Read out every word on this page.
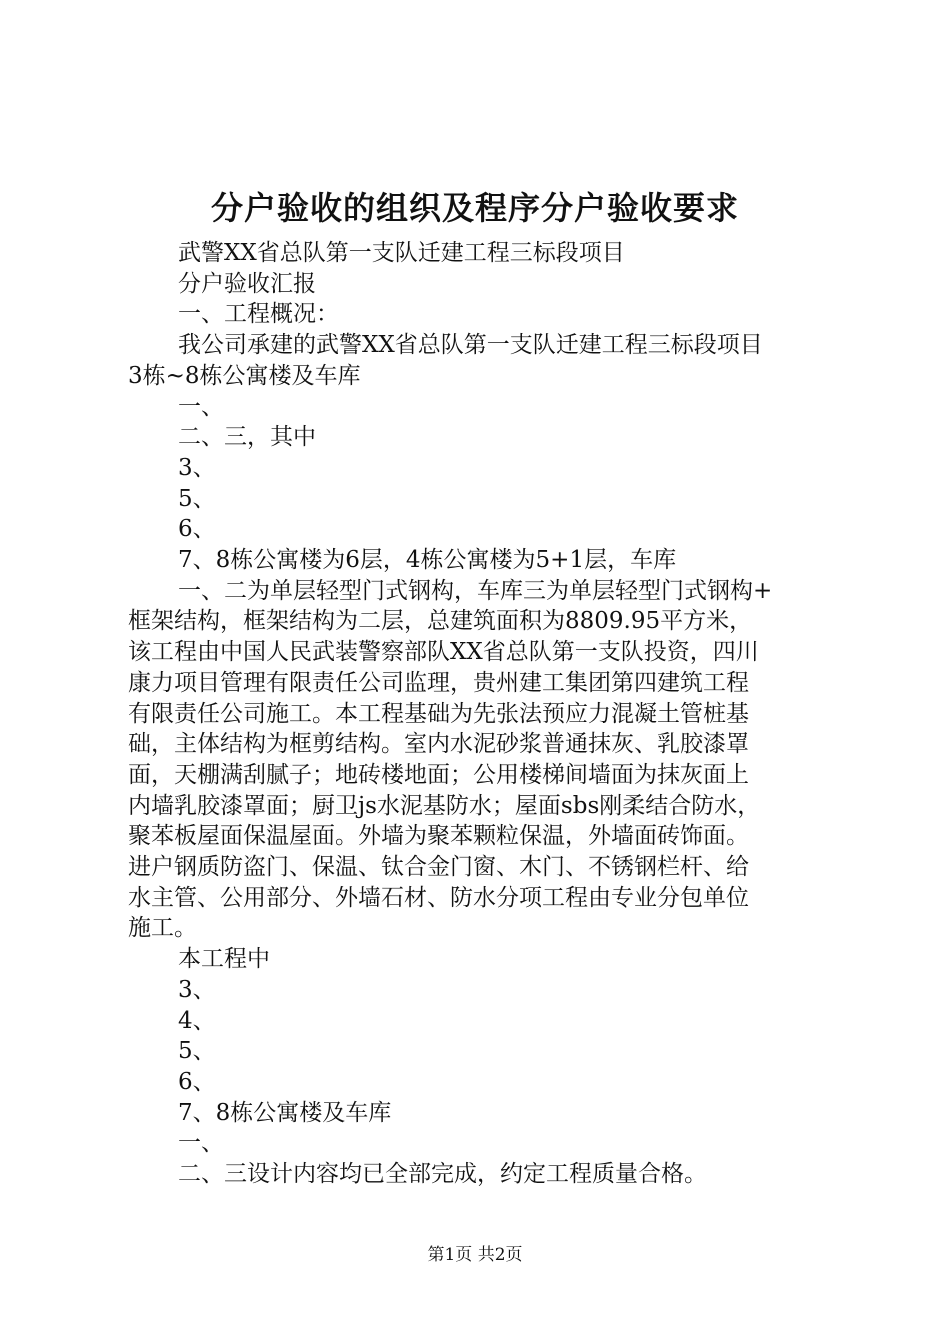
分户验收的组织及程序分户验收要求

武警XX省总队第一支队迁建工程三标段项目

分户验收汇报

一、工程概况：

我公司承建的武警XX省总队第一支队迁建工程三标段项目

3栋~8栋公寓楼及车库

一、

二、三，其中

3、

5、

6、

7、8栋公寓楼为6层，4栋公寓楼为5+1层，车库

一、二为单层轻型门式钢构，车库三为单层轻型门式钢构+

框架结构，框架结构为二层，总建筑面积为8809.95平方米，

该工程由中国人民武装警察部队XX省总队第一支队投资，四川

康力项目管理有限责任公司监理，贵州建工集团第四建筑工程

有限责任公司施工。本工程基础为先张法预应力混凝土管桩基

础，主体结构为框剪结构。室内水泥砂浆普通抹灰、乳胶漆罩

面，天棚满刮腻子；地砖楼地面；公用楼梯间墙面为抹灰面上

内墙乳胶漆罩面；厨卫js水泥基防水；屋面sbs刚柔结合防水，

聚苯板屋面保温屋面。外墙为聚苯颗粒保温，外墙面砖饰面。

进户钢质防盗门、保温、钛合金门窗、木门、不锈钢栏杆、给

水主管、公用部分、外墙石材、防水分项工程由专业分包单位

施工。

本工程中

3、

4、

5、

6、

7、8栋公寓楼及车库

一、

二、三设计内容均已全部完成，约定工程质量合格。

第1页 共2页
